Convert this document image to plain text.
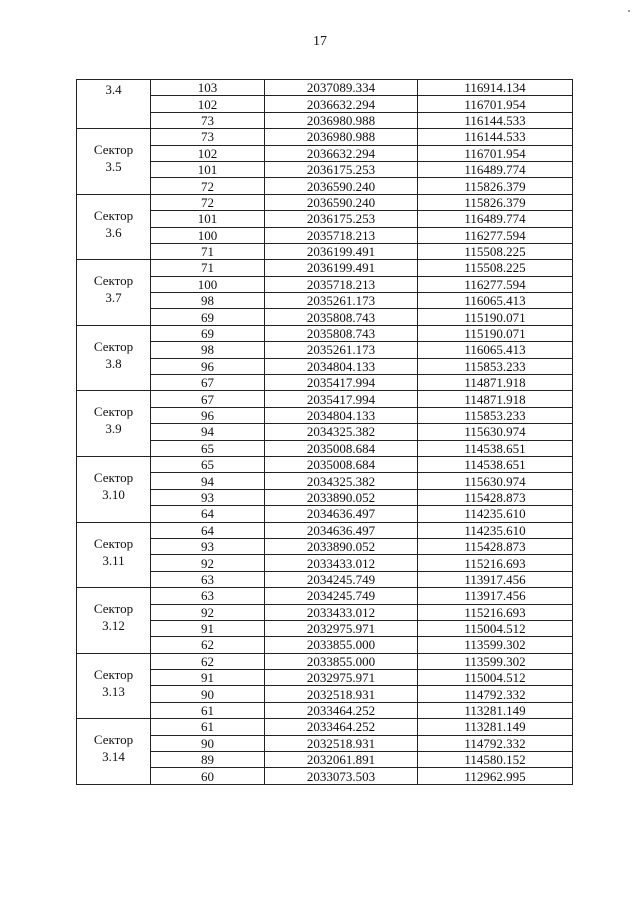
17
3.4	103	2037089.334	116914.134
	102	2036632.294	116701.954
	73	2036980.988	116144.533

Сектор
3.5	73	2036980.988	116144.533
	102	2036632.294	116701.954
	101	2036175.253	116489.774
	72	2036590.240	115826.379

Сектор
3.6	72	2036590.240	115826.379
	101	2036175.253	116489.774
	100	2035718.213	116277.594
	71	2036199.491	115508.225

Сектор
3.7	71	2036199.491	115508.225
	100	2035718.213	116277.594
	98	2035261.173	116065.413
	69	2035808.743	115190.071

Сектор
3.8	69	2035808.743	115190.071
	98	2035261.173	116065.413
	96	2034804.133	115853.233
	67	2035417.994	114871.918

Сектор
3.9	67	2035417.994	114871.918
	96	2034804.133	115853.233
	94	2034325.382	115630.974
	65	2035008.684	114538.651

Сектор
3.10	65	2035008.684	114538.651
	94	2034325.382	115630.974
	93	2033890.052	115428.873
	64	2034636.497	114235.610

Сектор
3.11	64	2034636.497	114235.610
	93	2033890.052	115428.873
	92	2033433.012	115216.693
	63	2034245.749	113917.456

Сектор
3.12	63	2034245.749	113917.456
	92	2033433.012	115216.693
	91	2032975.971	115004.512
	62	2033855.000	113599.302

Сектор
3.13	62	2033855.000	113599.302
	91	2032975.971	115004.512
	90	2032518.931	114792.332
	61	2033464.252	113281.149

Сектор
3.14	61	2033464.252	113281.149
	90	2032518.931	114792.332
	89	2032061.891	114580.152
	60	2033073.503	112962.995
